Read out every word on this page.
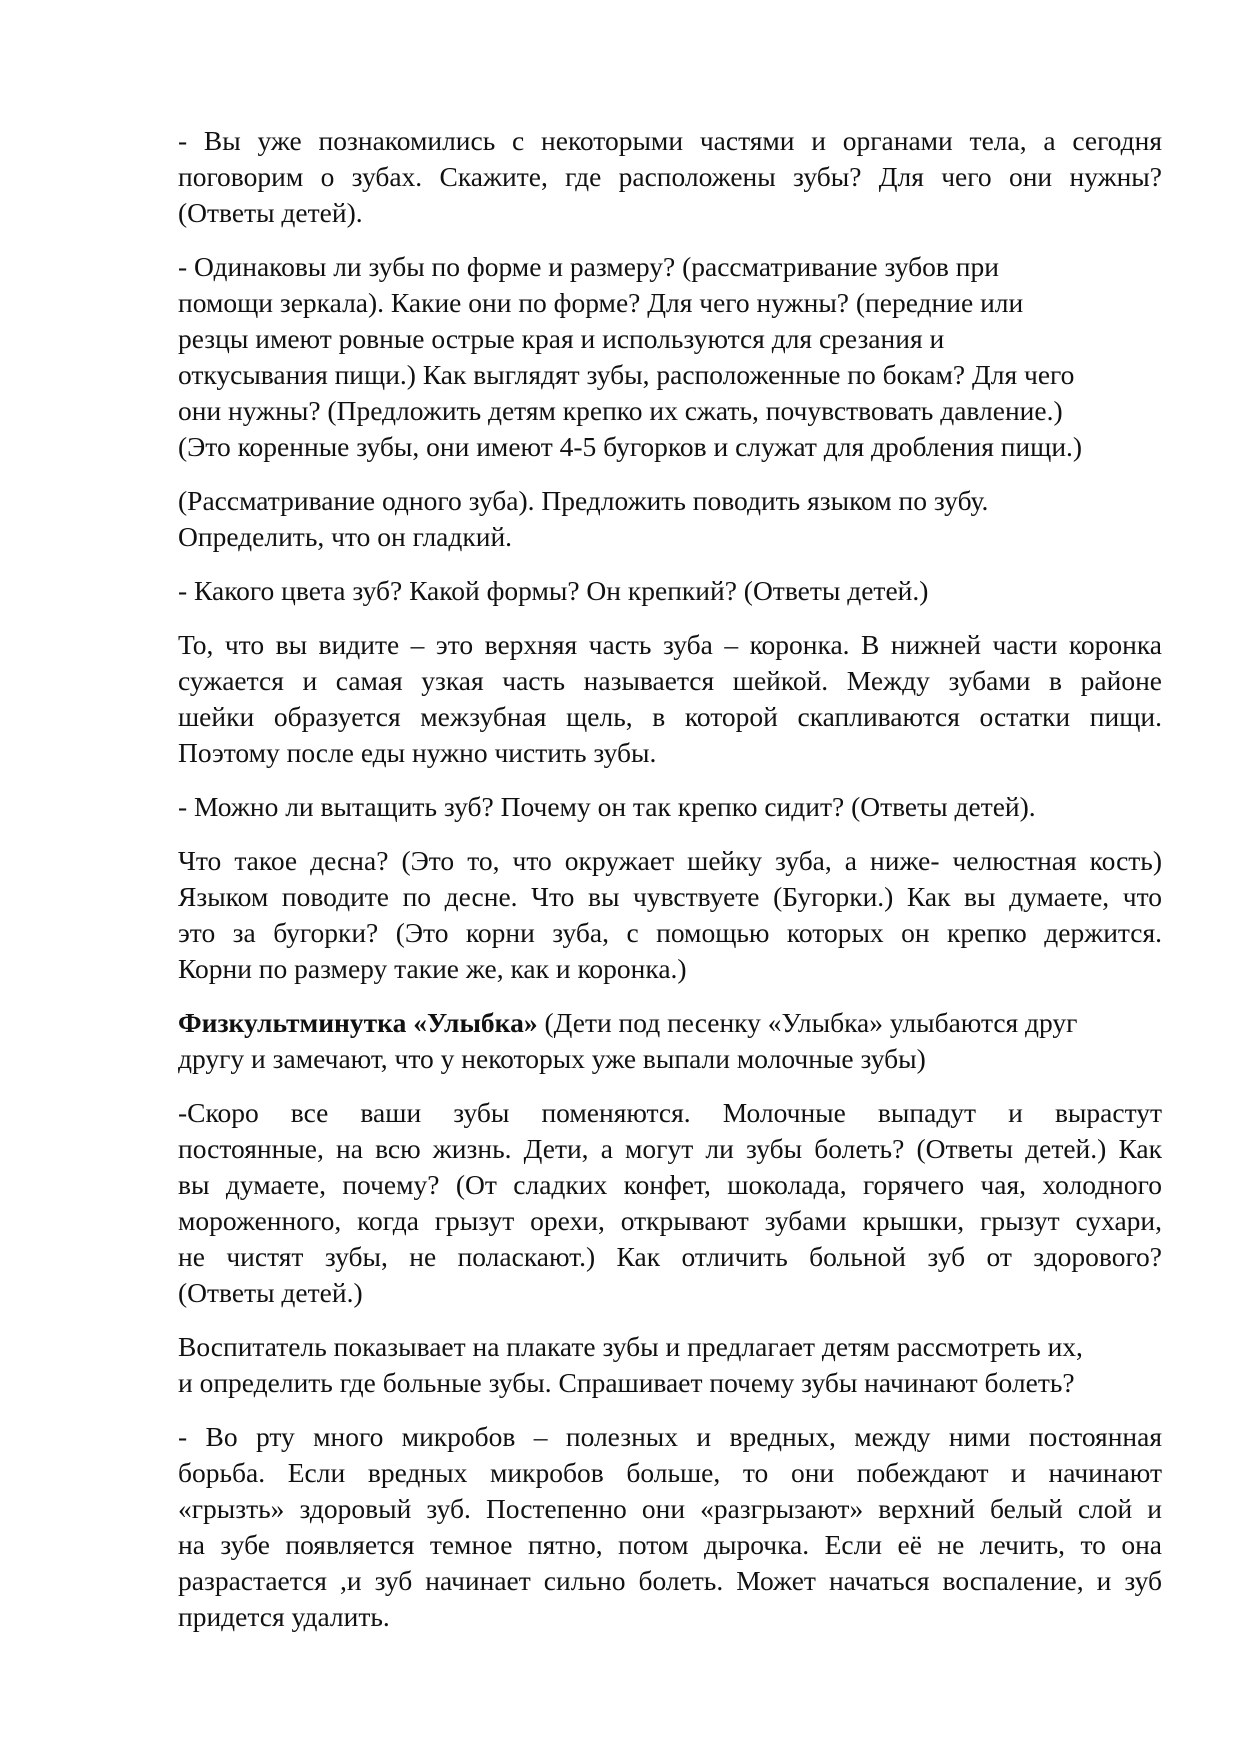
- Вы уже познакомились с некоторыми частями и органами тела, а сегодня
поговорим о зубах. Скажите, где расположены зубы? Для чего они нужны?
(Ответы детей).
- Одинаковы ли зубы по форме и размеру? (рассматривание зубов при
помощи зеркала). Какие они по форме? Для чего нужны? (передние или
резцы имеют ровные острые края и используются для срезания и
откусывания пищи.) Как выглядят зубы, расположенные по бокам? Для чего
они нужны? (Предложить детям крепко их сжать, почувствовать давление.)
(Это коренные зубы, они имеют 4-5 бугорков и служат для дробления пищи.)
(Рассматривание одного зуба). Предложить поводить языком по зубу.
Определить, что он гладкий.
- Какого цвета зуб? Какой формы? Он крепкий? (Ответы детей.)
То, что вы видите – это верхняя часть зуба – коронка. В нижней части коронка
сужается и самая узкая часть называется шейкой. Между зубами в районе
шейки образуется межзубная щель, в которой скапливаются остатки пищи.
Поэтому после еды нужно чистить зубы.
- Можно ли вытащить зуб? Почему он так крепко сидит? (Ответы детей).
Что такое десна? (Это то, что окружает шейку зуба, а ниже- челюстная кость)
Языком поводите по десне. Что вы чувствуете (Бугорки.) Как вы думаете, что
это за бугорки? (Это корни зуба, с помощью которых он крепко держится.
Корни по размеру такие же, как и коронка.)
Физкультминутка «Улыбка» (Дети под песенку «Улыбка» улыбаются друг
другу и замечают, что у некоторых уже выпали молочные зубы)
-Скоро все ваши зубы поменяются. Молочные выпадут и вырастут
постоянные, на всю жизнь. Дети, а могут ли зубы болеть? (Ответы детей.) Как
вы думаете, почему? (От сладких конфет, шоколада, горячего чая, холодного
мороженного, когда грызут орехи, открывают зубами крышки, грызут сухари,
не чистят зубы, не поласкают.) Как отличить больной зуб от здорового?
(Ответы детей.)
Воспитатель показывает на плакате зубы и предлагает детям рассмотреть их,
и определить где больные зубы. Спрашивает почему зубы начинают болеть?
- Во рту много микробов – полезных и вредных, между ними постоянная
борьба. Если вредных микробов больше, то они побеждают и начинают
«грызть» здоровый зуб. Постепенно они «разгрызают» верхний белый слой и
на зубе появляется темное пятно, потом дырочка. Если её не лечить, то она
разрастается ,и зуб начинает сильно болеть. Может начаться воспаление, и зуб
придется удалить.
